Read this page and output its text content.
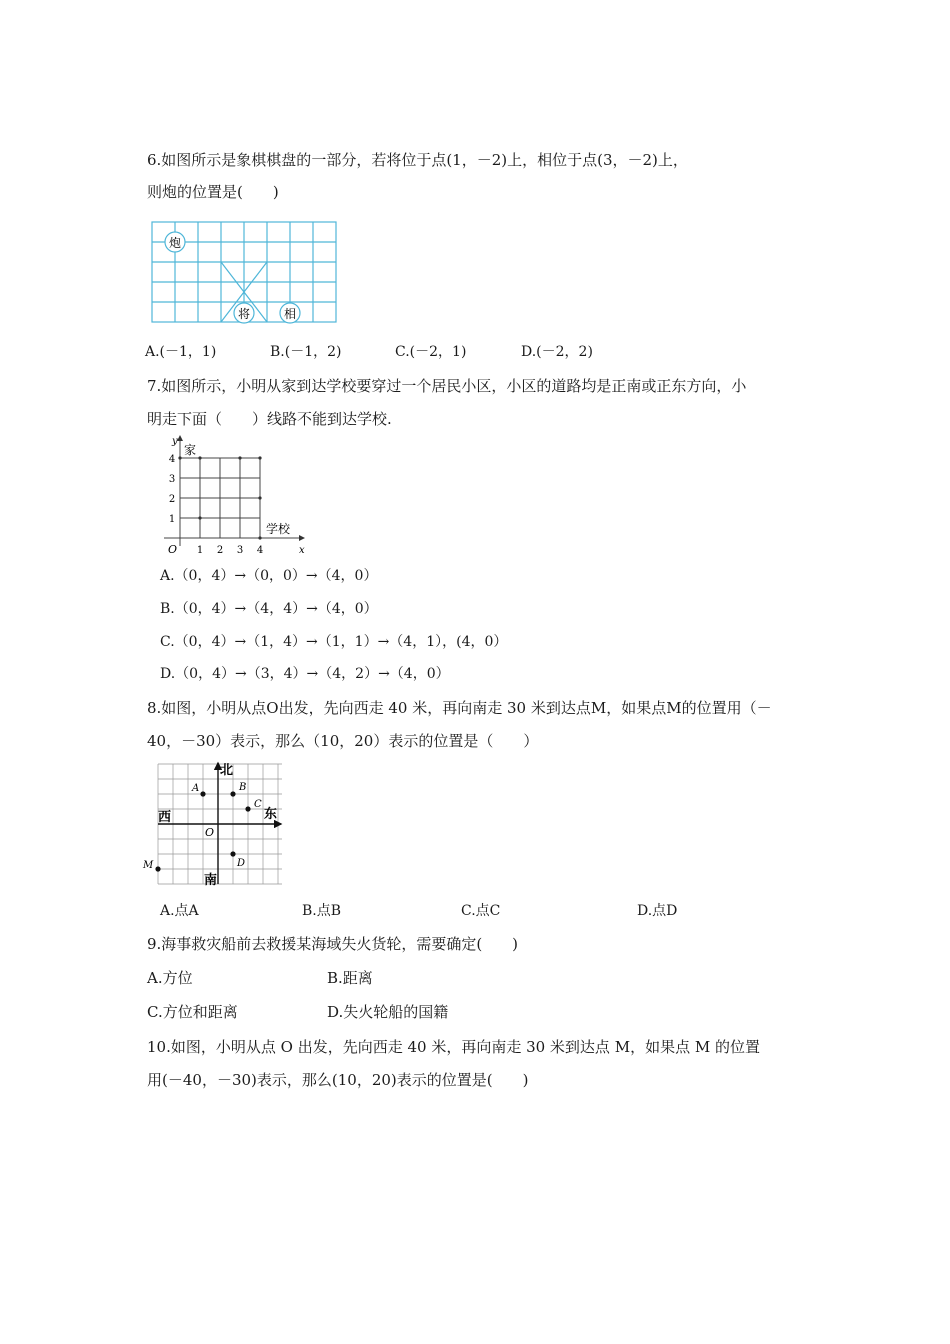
6.如图所示是象棋棋盘的一部分，若将位于点(1，－2)上，相位于点(3，－2)上，
则炮的位置是(　　)
炮
将	相
A.(－1，1)	B.(－1，2)	C.(－2，1)	D.(－2，2)
7.如图所示，小明从家到达学校要穿过一个居民小区，小区的道路均是正南或正东方向，小
明走下面（　　）线路不能到达学校.
y
x
O
家
学校
1 2 3 4
1
2
3
4
A.（0，4）→（0，0）→（4，0）
B.（0，4）→（4，4）→（4，0）
C.（0，4）→（1，4）→（1，1）→（4，1），(4，0）
D.（0，4）→（3，4）→（4，2）→（4，0）
8.如图，小明从点O出发，先向西走 40 米，再向南走 30 米到达点M，如果点M的位置用（－
40，－30）表示，那么（10，20）表示的位置是（　　）
北
南
东
西
O
A	B
C
D
M
A.点A	B.点B	C.点C	D.点D
9.海事救灾船前去救援某海域失火货轮，需要确定(　　)
A.方位	B.距离
C.方位和距离	D.失火轮船的国籍
10.如图，小明从点 O 出发，先向西走 40 米，再向南走 30 米到达点 M，如果点 M 的位置
用(－40，－30)表示，那么(10，20)表示的位置是(　　)
